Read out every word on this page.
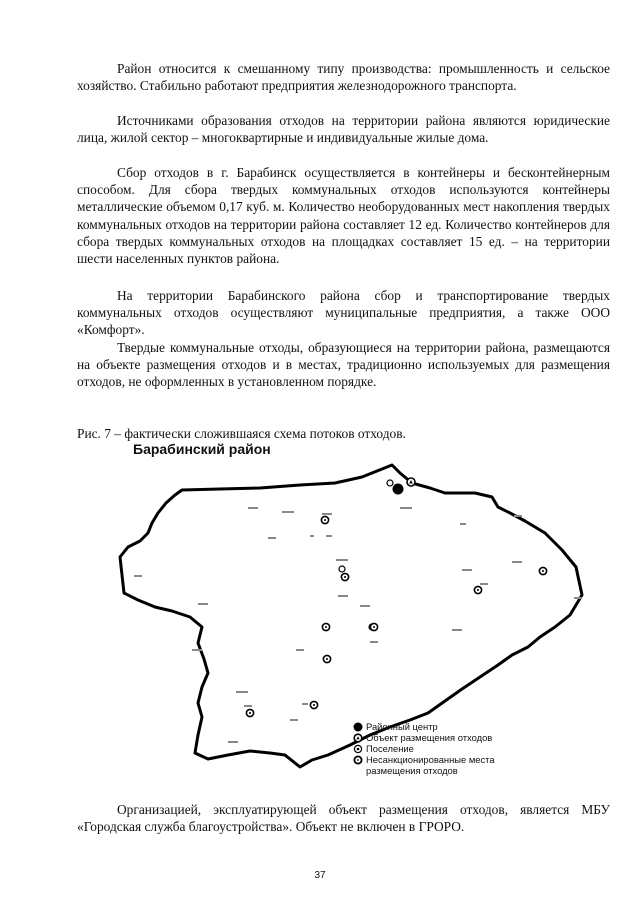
Район относится к смешанному типу производства: промышленность и сельское хозяйство. Стабильно работают предприятия железнодорожного транспорта.

Источниками образования отходов на территории района являются юридические лица, жилой сектор – многоквартирные и индивидуальные жилые дома.

Сбор отходов в г. Барабинск осуществляется в контейнеры и бесконтейнерным способом. Для сбора твердых коммунальных отходов используются контейнеры металлические объемом 0,17 куб. м. Количество необорудованных мест накопления твердых коммунальных отходов на территории района составляет 12 ед. Количество контейнеров для сбора твердых коммунальных отходов на площадках составляет 15 ед. – на территории шести населенных пунктов района.

На территории Барабинского района сбор и транспортирование твердых коммунальных отходов осуществляют муниципальные предприятия, а также ООО «Комфорт».

Твердые коммунальные отходы, образующиеся на территории района, размещаются на объекте размещения отходов и в местах, традиционно используемых для размещения отходов, не оформленных в установленном порядке.

Рис. 7 – фактически сложившаяся схема потоков отходов.

Барабинский район

Районный центр
Объект размещения отходов
Поселение
Несанкционированные места размещения отходов

Организацией, эксплуатирующей объект размещения отходов, является МБУ «Городская служба благоустройства». Объект не включен в ГРОРО.

37
